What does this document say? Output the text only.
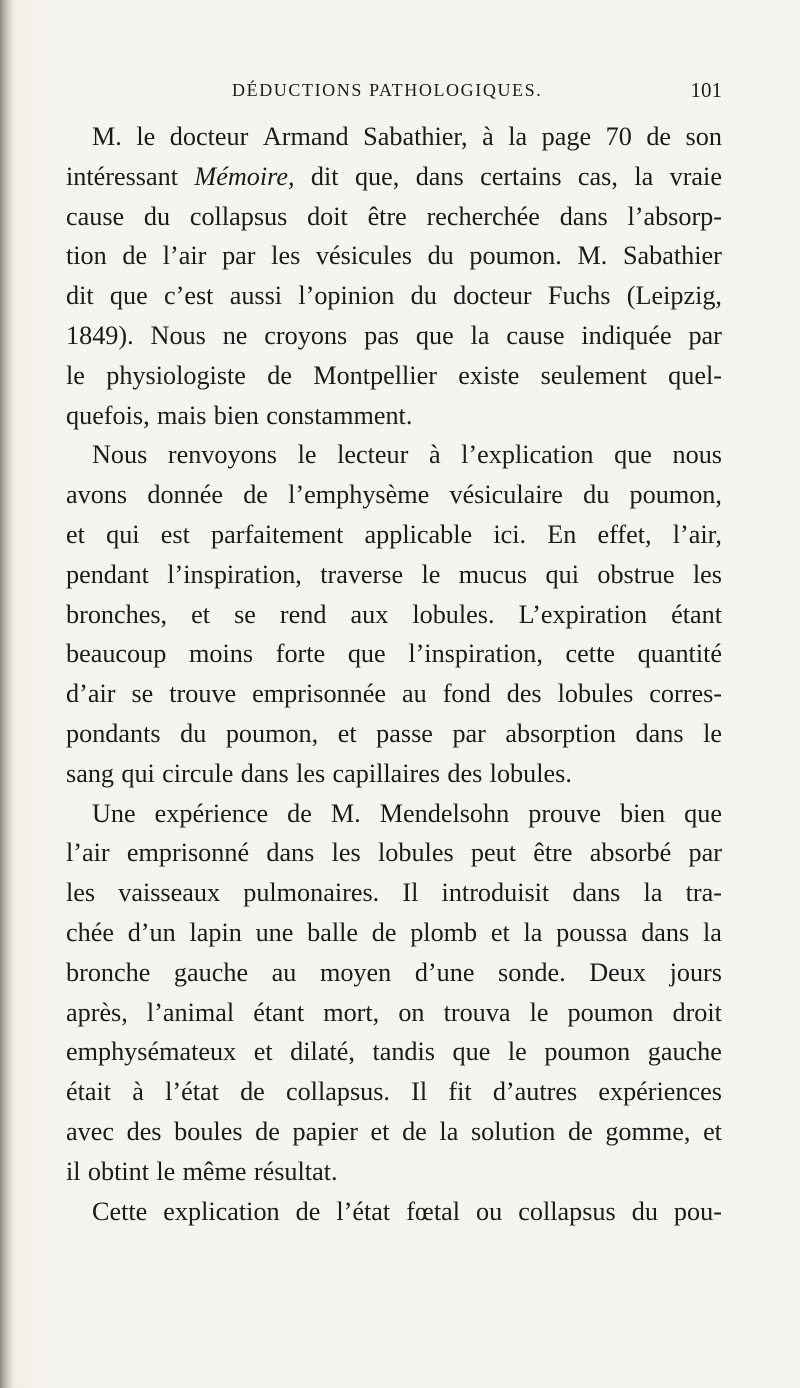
DÉDUCTIONS PATHOLOGIQUES.	101
M. le docteur Armand Sabathier, à la page 70 de son
intéressant Mémoire, dit que, dans certains cas, la vraie
cause du collapsus doit être recherchée dans l’absorp-
tion de l’air par les vésicules du poumon. M. Sabathier
dit que c’est aussi l’opinion du docteur Fuchs (Leipzig,
1849). Nous ne croyons pas que la cause indiquée par
le physiologiste de Montpellier existe seulement quel-
quefois, mais bien constamment.
Nous renvoyons le lecteur à l’explication que nous
avons donnée de l’emphysème vésiculaire du poumon,
et qui est parfaitement applicable ici. En effet, l’air,
pendant l’inspiration, traverse le mucus qui obstrue les
bronches, et se rend aux lobules. L’expiration étant
beaucoup moins forte que l’inspiration, cette quantité
d’air se trouve emprisonnée au fond des lobules corres-
pondants du poumon, et passe par absorption dans le
sang qui circule dans les capillaires des lobules.
Une expérience de M. Mendelsohn prouve bien que
l’air emprisonné dans les lobules peut être absorbé par
les vaisseaux pulmonaires. Il introduisit dans la tra-
chée d’un lapin une balle de plomb et la poussa dans la
bronche gauche au moyen d’une sonde. Deux jours
après, l’animal étant mort, on trouva le poumon droit
emphysémateux et dilaté, tandis que le poumon gauche
était à l’état de collapsus. Il fit d’autres expériences
avec des boules de papier et de la solution de gomme, et
il obtint le même résultat.
Cette explication de l’état fœtal ou collapsus du pou-
